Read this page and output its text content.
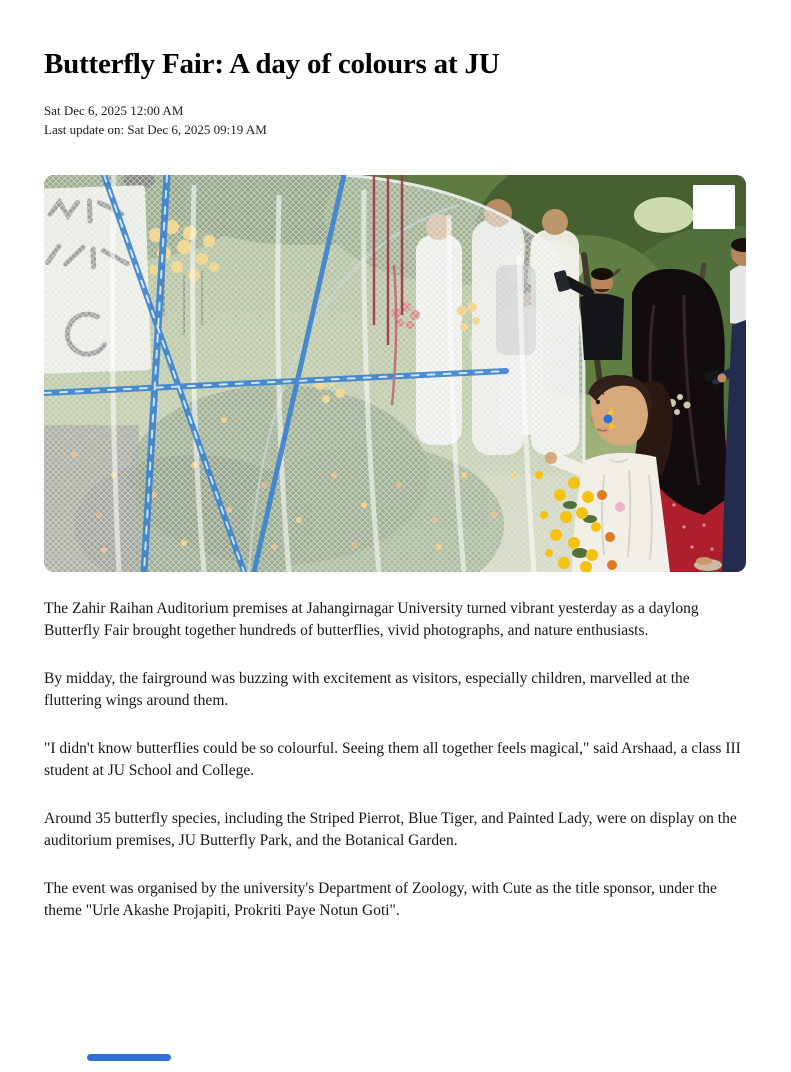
Butterfly Fair: A day of colours at JU
Sat Dec 6, 2025 12:00 AM
Last update on: Sat Dec 6, 2025 09:19 AM

The Zahir Raihan Auditorium premises at Jahangirnagar University turned vibrant yesterday as a daylong Butterfly Fair brought together hundreds of butterflies, vivid photographs, and nature enthusiasts.

By midday, the fairground was buzzing with excitement as visitors, especially children, marvelled at the fluttering wings around them.

"I didn't know butterflies could be so colourful. Seeing them all together feels magical," said Arshaad, a class III student at JU School and College.

Around 35 butterfly species, including the Striped Pierrot, Blue Tiger, and Painted Lady, were on display on the auditorium premises, JU Butterfly Park, and the Botanical Garden.

The event was organised by the university's Department of Zoology, with Cute as the title sponsor, under the theme "Urle Akashe Projapiti, Prokriti Paye Notun Goti".
